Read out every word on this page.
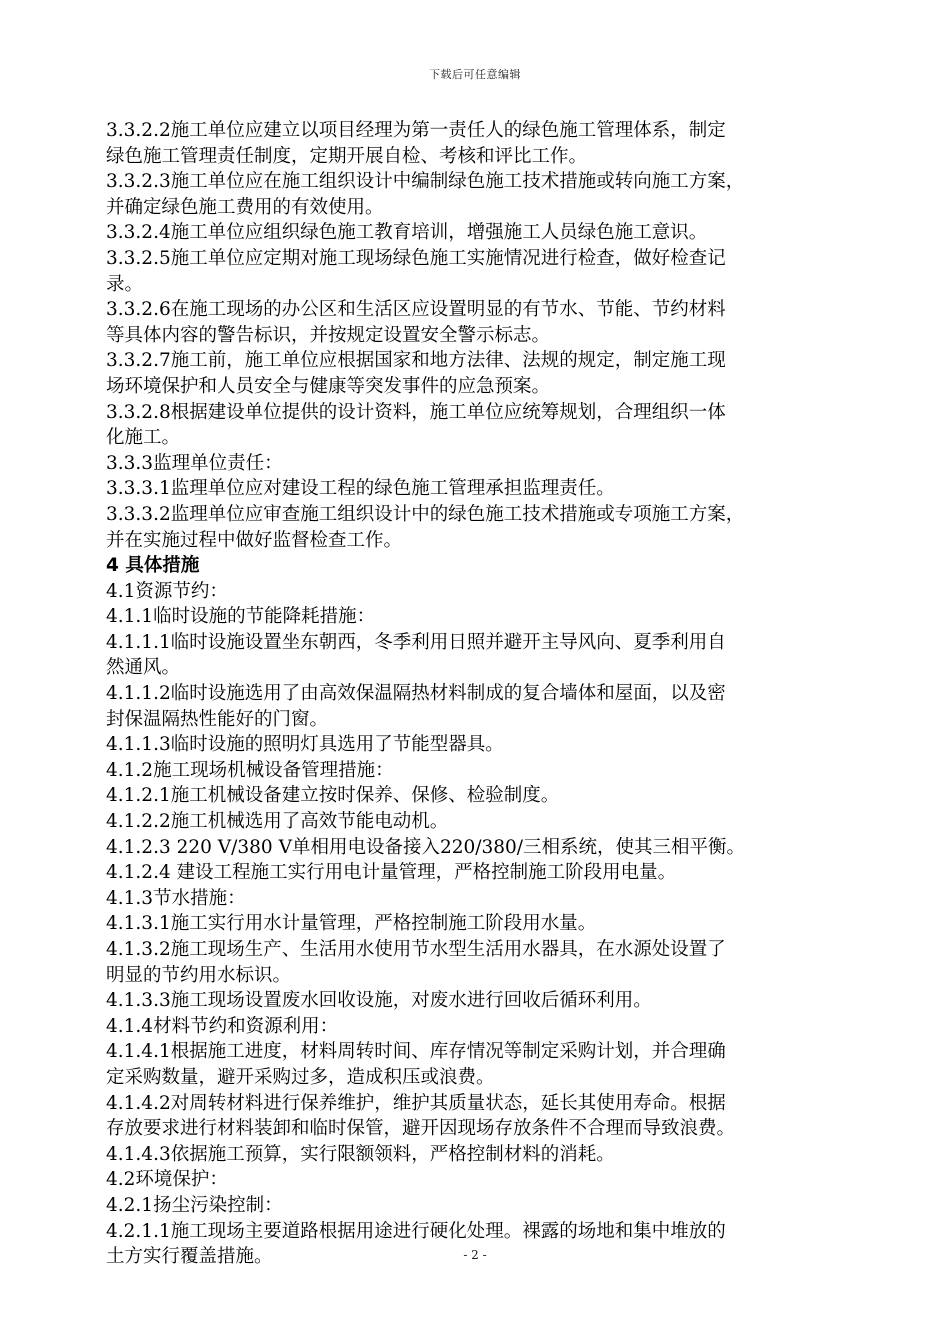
下载后可任意编辑
3.3.2.2施工单位应建立以项目经理为第一责任人的绿色施工管理体系，制定
绿色施工管理责任制度，定期开展自检、考核和评比工作。
3.3.2.3施工单位应在施工组织设计中编制绿色施工技术措施或转向施工方案，
并确定绿色施工费用的有效使用。
3.3.2.4施工单位应组织绿色施工教育培训，增强施工人员绿色施工意识。
3.3.2.5施工单位应定期对施工现场绿色施工实施情况进行检查，做好检查记
录。
3.3.2.6在施工现场的办公区和生活区应设置明显的有节水、节能、节约材料
等具体内容的警告标识，并按规定设置安全警示标志。
3.3.2.7施工前，施工单位应根据国家和地方法律、法规的规定，制定施工现
场环境保护和人员安全与健康等突发事件的应急预案。
3.3.2.8根据建设单位提供的设计资料，施工单位应统筹规划，合理组织一体
化施工。
3.3.3监理单位责任：
3.3.3.1监理单位应对建设工程的绿色施工管理承担监理责任。
3.3.3.2监理单位应审查施工组织设计中的绿色施工技术措施或专项施工方案，
并在实施过程中做好监督检查工作。
4 具体措施
4.1资源节约：
4.1.1临时设施的节能降耗措施：
4.1.1.1临时设施设置坐东朝西，冬季利用日照并避开主导风向、夏季利用自
然通风。
4.1.1.2临时设施选用了由高效保温隔热材料制成的复合墙体和屋面，以及密
封保温隔热性能好的门窗。
4.1.1.3临时设施的照明灯具选用了节能型器具。
4.1.2施工现场机械设备管理措施：
4.1.2.1施工机械设备建立按时保养、保修、检验制度。
4.1.2.2施工机械选用了高效节能电动机。
4.1.2.3 220 V/380 V单相用电设备接入220/380/三相系统，使其三相平衡。
4.1.2.4 建设工程施工实行用电计量管理，严格控制施工阶段用电量。
4.1.3节水措施：
4.1.3.1施工实行用水计量管理，严格控制施工阶段用水量。
4.1.3.2施工现场生产、生活用水使用节水型生活用水器具，在水源处设置了
明显的节约用水标识。
4.1.3.3施工现场设置废水回收设施，对废水进行回收后循环利用。
4.1.4材料节约和资源利用：
4.1.4.1根据施工进度，材料周转时间、库存情况等制定采购计划，并合理确
定采购数量，避开采购过多，造成积压或浪费。
4.1.4.2对周转材料进行保养维护，维护其质量状态，延长其使用寿命。根据
存放要求进行材料装卸和临时保管，避开因现场存放条件不合理而导致浪费。
4.1.4.3依据施工预算，实行限额领料，严格控制材料的消耗。
4.2环境保护：
4.2.1扬尘污染控制：
4.2.1.1施工现场主要道路根据用途进行硬化处理。裸露的场地和集中堆放的
土方实行覆盖措施。	- 2 -
